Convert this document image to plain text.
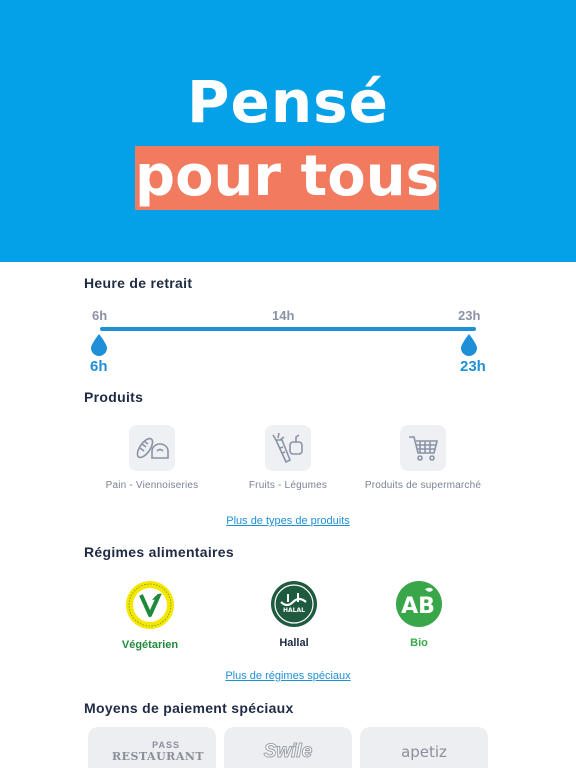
Pensé
pour tous
Heure de retrait
6h	14h	23h
6h	23h
Produits
Pain - Viennoiseries	Fruits - Légumes	Produits de supermarché
Plus de types de produits
Régimes alimentaires
Végétarien
HALAL
Hallal
AB
Bio
Plus de régimes spéciaux
Moyens de paiement spéciaux
PASS
RESTAURANT	Swile	apetiz
